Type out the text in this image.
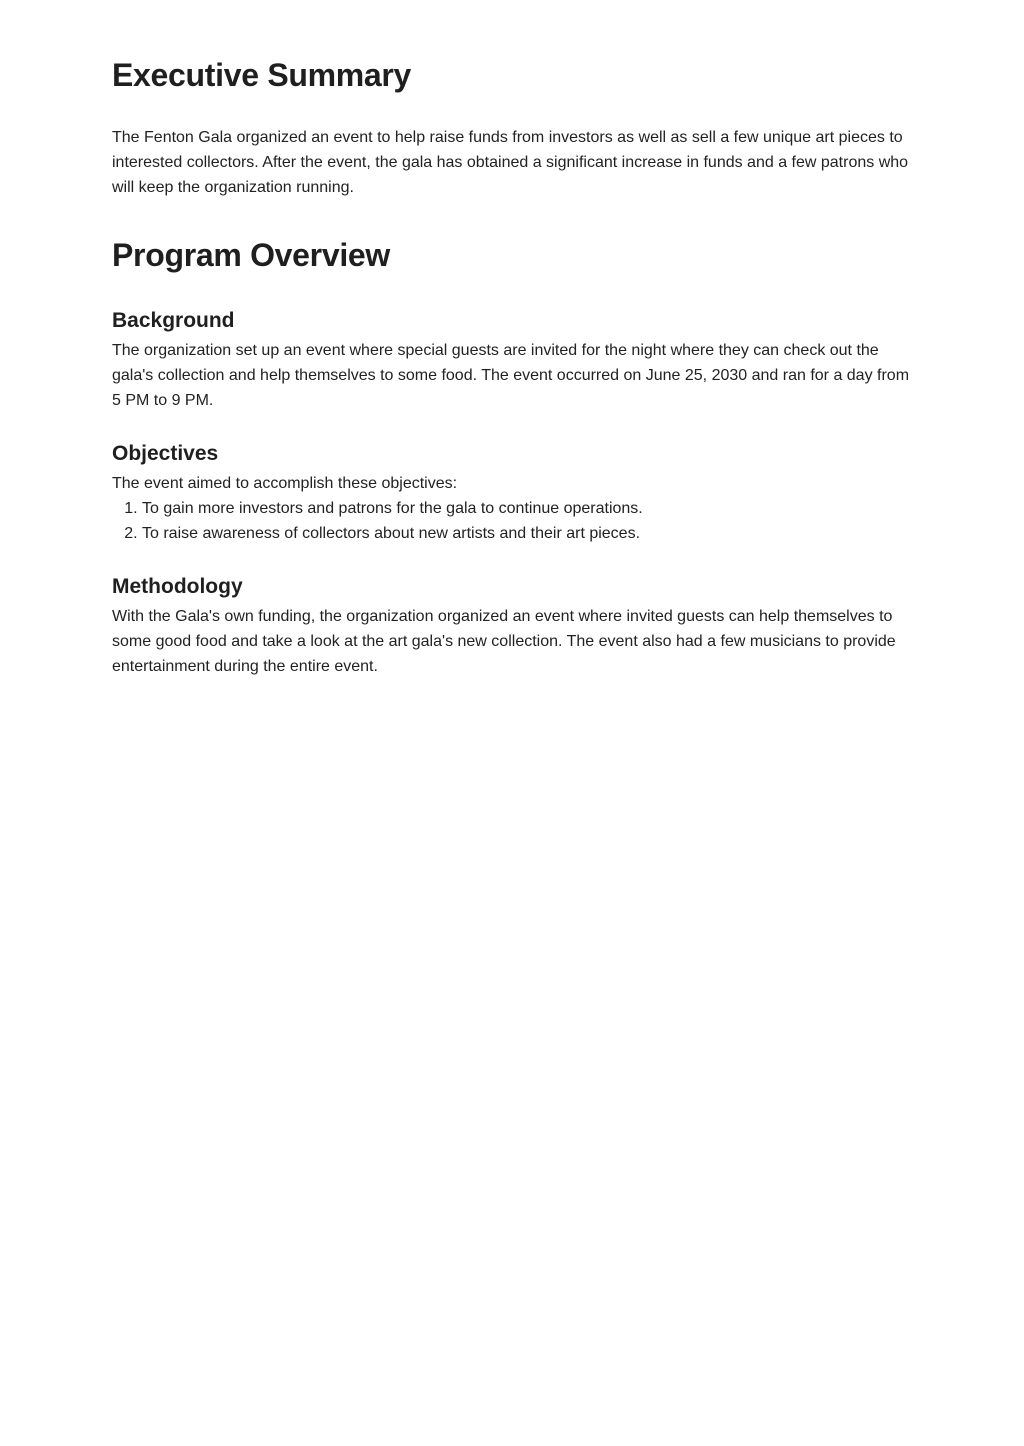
Executive Summary

The Fenton Gala organized an event to help raise funds from investors as well as sell a few unique art pieces to interested collectors. After the event, the gala has obtained a significant increase in funds and a few patrons who will keep the organization running.

Program Overview
Background

The organization set up an event where special guests are invited for the night where they can check out the gala's collection and help themselves to some food. The event occurred on June 25, 2030 and ran for a day from 5 PM to 9 PM.

Objectives

The event aimed to accomplish these objectives:

1. To gain more investors and patrons for the gala to continue operations.
2. To raise awareness of collectors about new artists and their art pieces.
Methodology

With the Gala's own funding, the organization organized an event where invited guests can help themselves to some good food and take a look at the art gala's new collection. The event also had a few musicians to provide entertainment during the entire event.
